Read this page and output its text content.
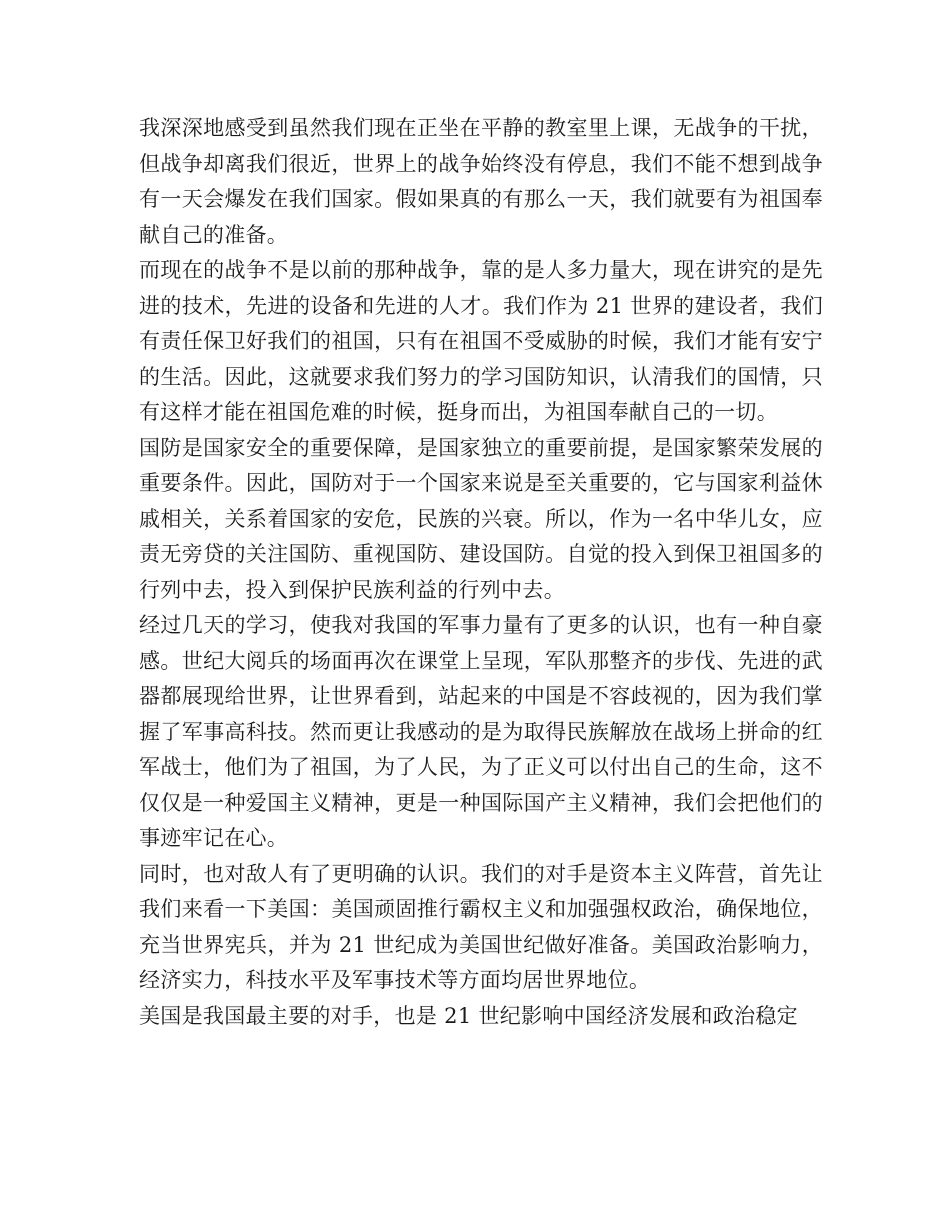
我深深地感受到虽然我们现在正坐在平静的教室里上课，无战争的干扰，但战争却离我们很近，世界上的战争始终没有停息，我们不能不想到战争有一天会爆发在我们国家。假如果真的有那么一天，我们就要有为祖国奉献自己的准备。

而现在的战争不是以前的那种战争，靠的是人多力量大，现在讲究的是先进的技术，先进的设备和先进的人才。我们作为 21 世界的建设者，我们有责任保卫好我们的祖国，只有在祖国不受威胁的时候，我们才能有安宁的生活。因此，这就要求我们努力的学习国防知识，认清我们的国情，只有这样才能在祖国危难的时候，挺身而出，为祖国奉献自己的一切。

国防是国家安全的重要保障，是国家独立的重要前提，是国家繁荣发展的重要条件。因此，国防对于一个国家来说是至关重要的，它与国家利益休戚相关，关系着国家的安危，民族的兴衰。所以，作为一名中华儿女，应责无旁贷的关注国防、重视国防、建设国防。自觉的投入到保卫祖国多的行列中去，投入到保护民族利益的行列中去。

经过几天的学习，使我对我国的军事力量有了更多的认识，也有一种自豪感。世纪大阅兵的场面再次在课堂上呈现，军队那整齐的步伐、先进的武器都展现给世界，让世界看到，站起来的中国是不容歧视的，因为我们掌握了军事高科技。然而更让我感动的是为取得民族解放在战场上拼命的红军战士，他们为了祖国，为了人民，为了正义可以付出自己的生命，这不仅仅是一种爱国主义精神，更是一种国际国产主义精神，我们会把他们的事迹牢记在心。

同时，也对敌人有了更明确的认识。我们的对手是资本主义阵营，首先让我们来看一下美国：美国顽固推行霸权主义和加强强权政治，确保地位，充当世界宪兵，并为 21 世纪成为美国世纪做好准备。美国政治影响力，经济实力，科技水平及军事技术等方面均居世界地位。

美国是我国最主要的对手，也是 21 世纪影响中国经济发展和政治稳定
